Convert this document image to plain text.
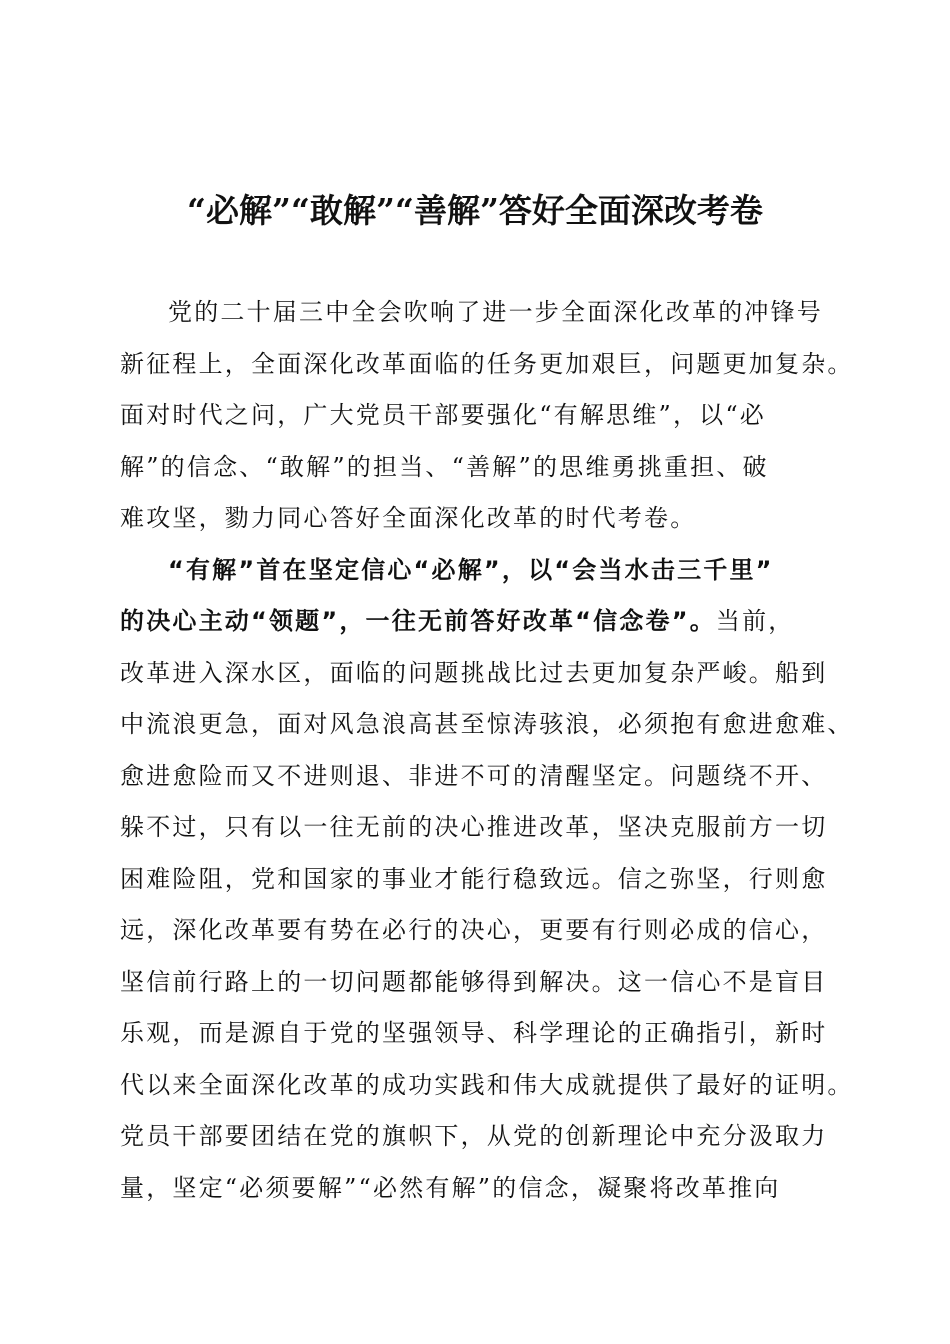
“必解”“敢解”“善解”答好全面深改考卷
党的二十届三中全会吹响了进一步全面深化改革的冲锋号
新征程上，全面深化改革面临的任务更加艰巨，问题更加复杂。
面对时代之问，广大党员干部要强化“有解思维”，以“必
解”的信念、“敢解”的担当、“善解”的思维勇挑重担、破
难攻坚，勠力同心答好全面深化改革的时代考卷。
“有解”首在坚定信心“必解”，以“会当水击三千里”
的决心主动“领题”，一往无前答好改革“信念卷”。当前，
改革进入深水区，面临的问题挑战比过去更加复杂严峻。船到
中流浪更急，面对风急浪高甚至惊涛骇浪，必须抱有愈进愈难、
愈进愈险而又不进则退、非进不可的清醒坚定。问题绕不开、
躲不过，只有以一往无前的决心推进改革，坚决克服前方一切
困难险阻，党和国家的事业才能行稳致远。信之弥坚，行则愈
远，深化改革要有势在必行的决心，更要有行则必成的信心，
坚信前行路上的一切问题都能够得到解决。这一信心不是盲目
乐观，而是源自于党的坚强领导、科学理论的正确指引，新时
代以来全面深化改革的成功实践和伟大成就提供了最好的证明。
党员干部要团结在党的旗帜下，从党的创新理论中充分汲取力
量，坚定“必须要解”“必然有解”的信念，凝聚将改革推向
